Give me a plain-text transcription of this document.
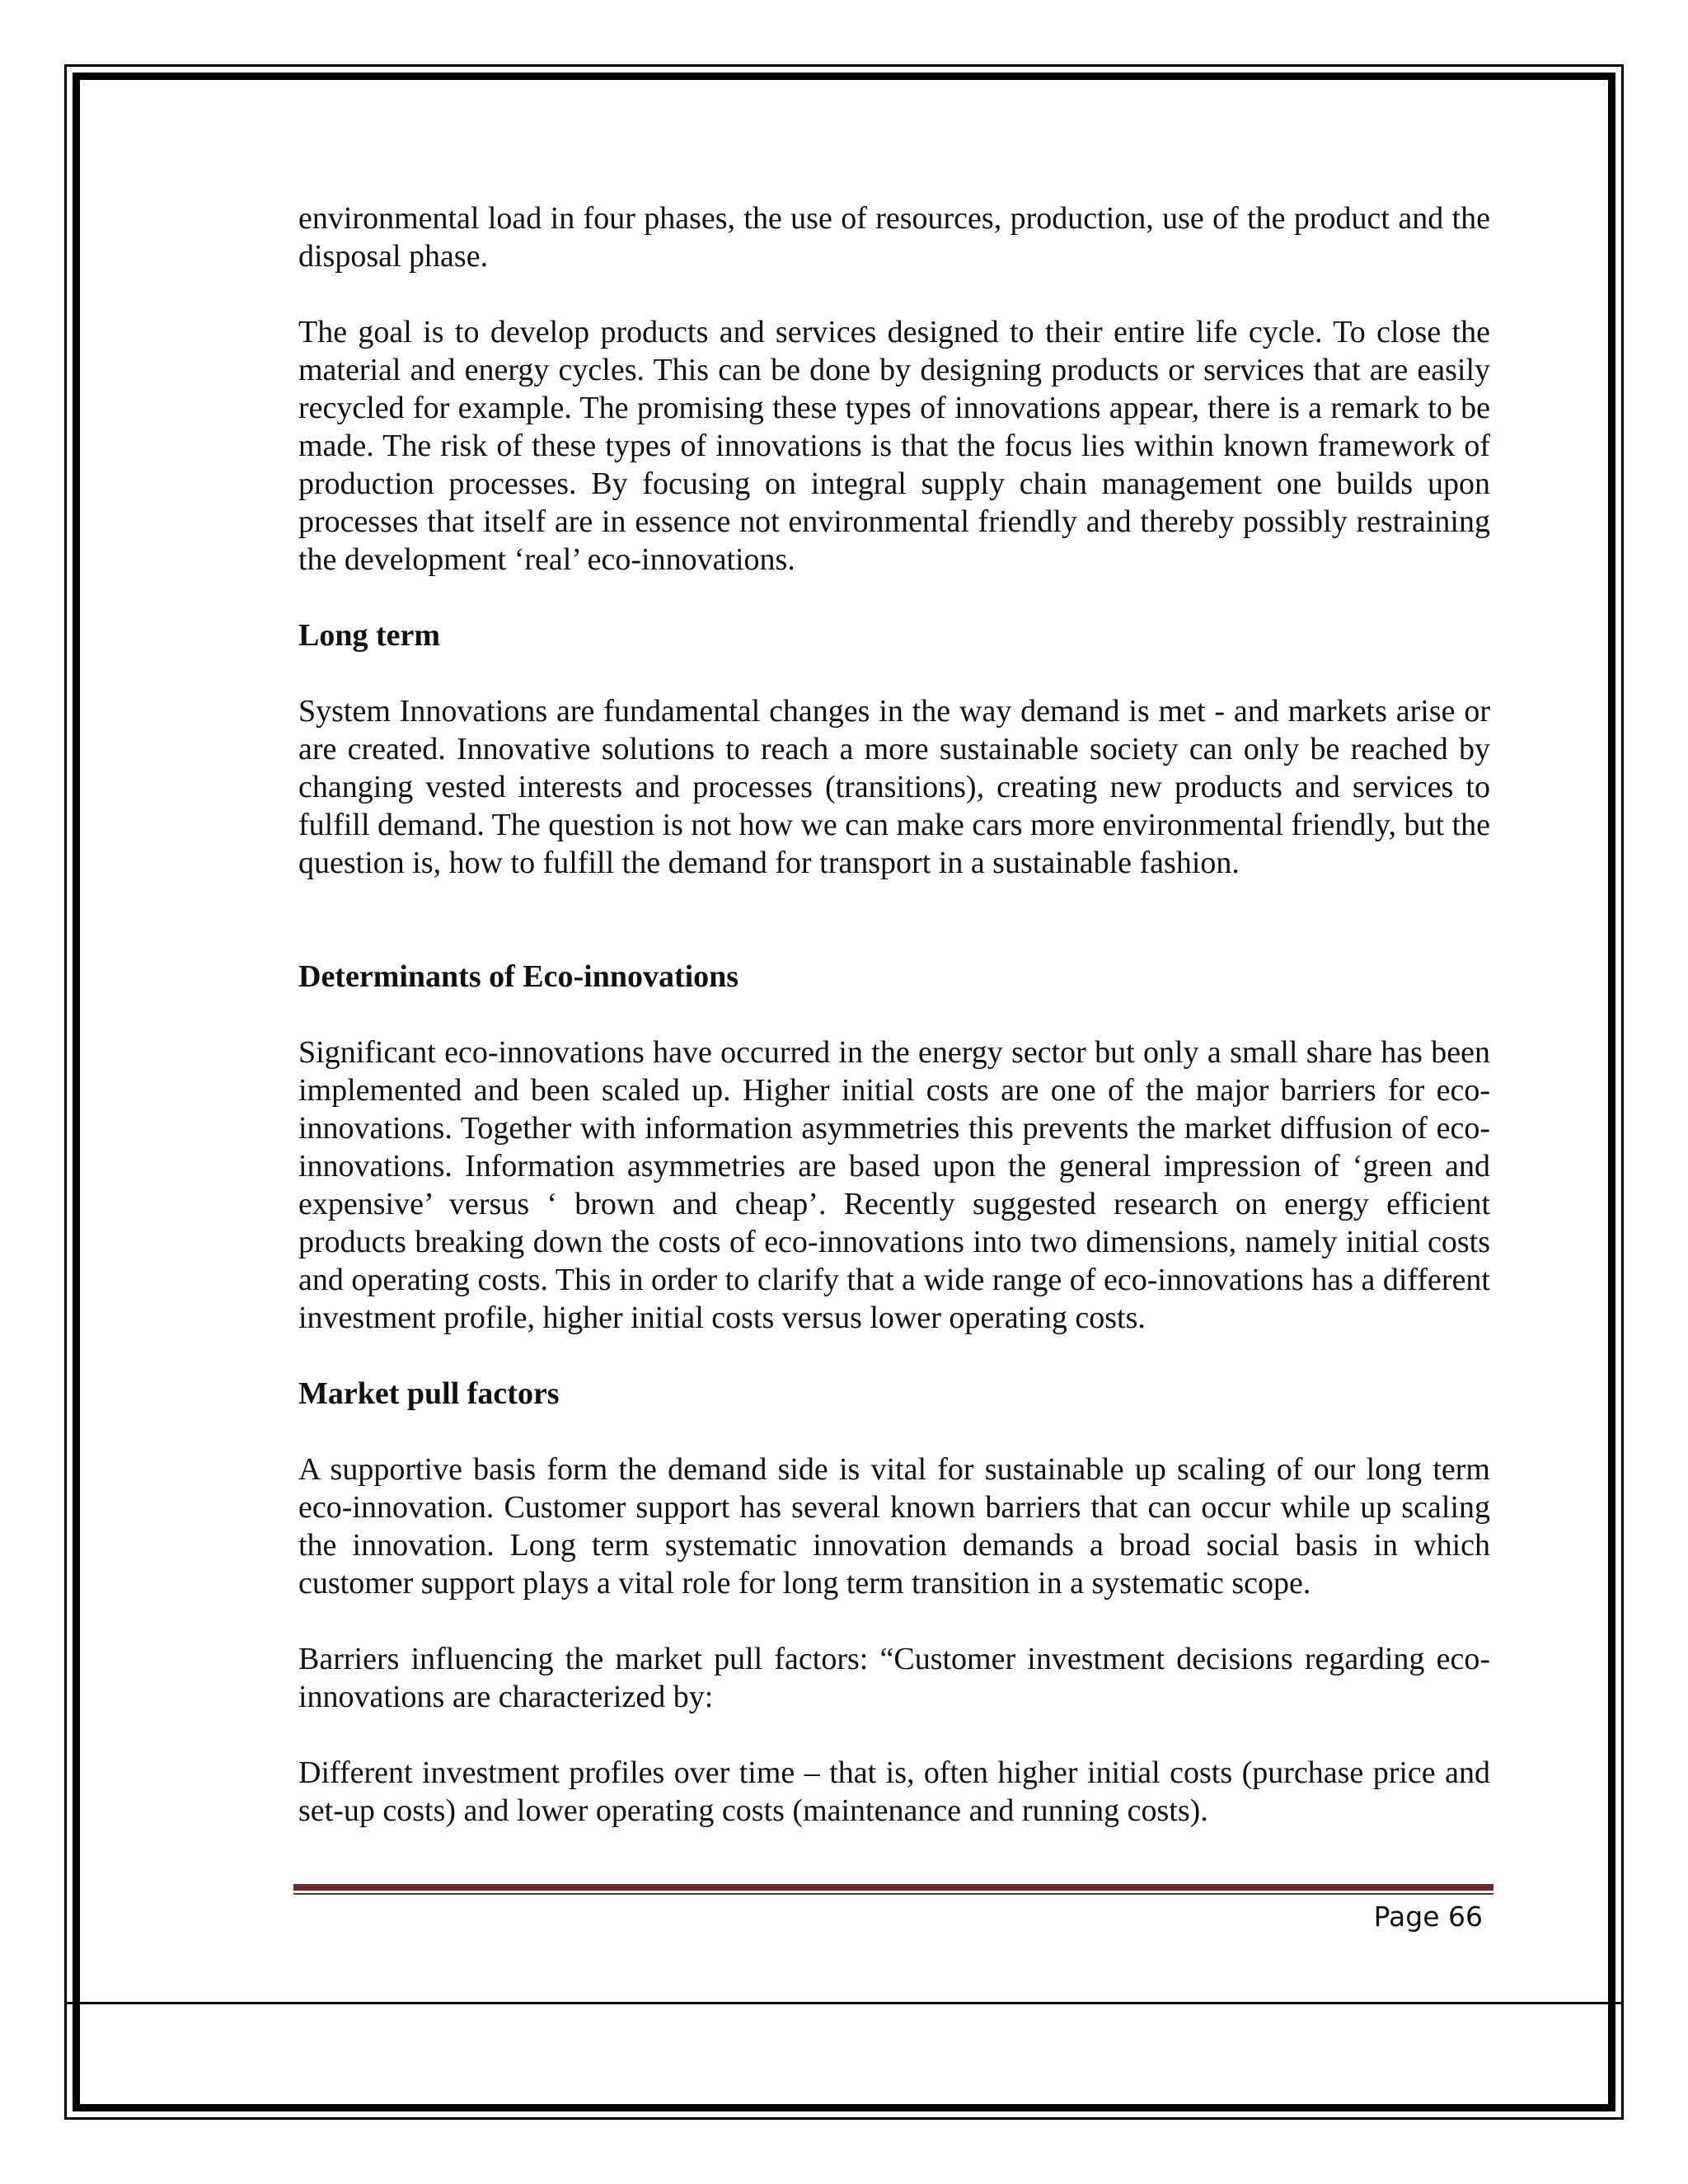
environmental load in four phases, the use of resources, production, use of the product and the disposal phase.

The goal is to develop products and services designed to their entire life cycle. To close the material and energy cycles. This can be done by designing products or services that are easily recycled for example. The promising these types of innovations appear, there is a remark to be made. The risk of these types of innovations is that the focus lies within known framework of production processes. By focusing on integral supply chain management one builds upon processes that itself are in essence not environmental friendly and thereby possibly restraining the development ‘real’ eco-innovations.

Long term

System Innovations are fundamental changes in the way demand is met - and markets arise or are created. Innovative solutions to reach a more sustainable society can only be reached by changing vested interests and processes (transitions), creating new products and services to fulfill demand. The question is not how we can make cars more environmental friendly, but the question is, how to fulfill the demand for transport in a sustainable fashion.

Determinants of Eco-innovations

Significant eco-innovations have occurred in the energy sector but only a small share has been implemented and been scaled up. Higher initial costs are one of the major barriers for eco-innovations. Together with information asymmetries this prevents the market diffusion of eco-innovations. Information asymmetries are based upon the general impression of ‘green and expensive’ versus ‘ brown and cheap’. Recently suggested research on energy efficient products breaking down the costs of eco-innovations into two dimensions, namely initial costs and operating costs. This in order to clarify that a wide range of eco-innovations has a different investment profile, higher initial costs versus lower operating costs.

Market pull factors

A supportive basis form the demand side is vital for sustainable up scaling of our long term eco-innovation. Customer support has several known barriers that can occur while up scaling the innovation. Long term systematic innovation demands a broad social basis in which customer support plays a vital role for long term transition in a systematic scope.

Barriers influencing the market pull factors: “Customer investment decisions regarding eco-innovations are characterized by:

Different investment profiles over time – that is, often higher initial costs (purchase price and set-up costs) and lower operating costs (maintenance and running costs).

Page 66
